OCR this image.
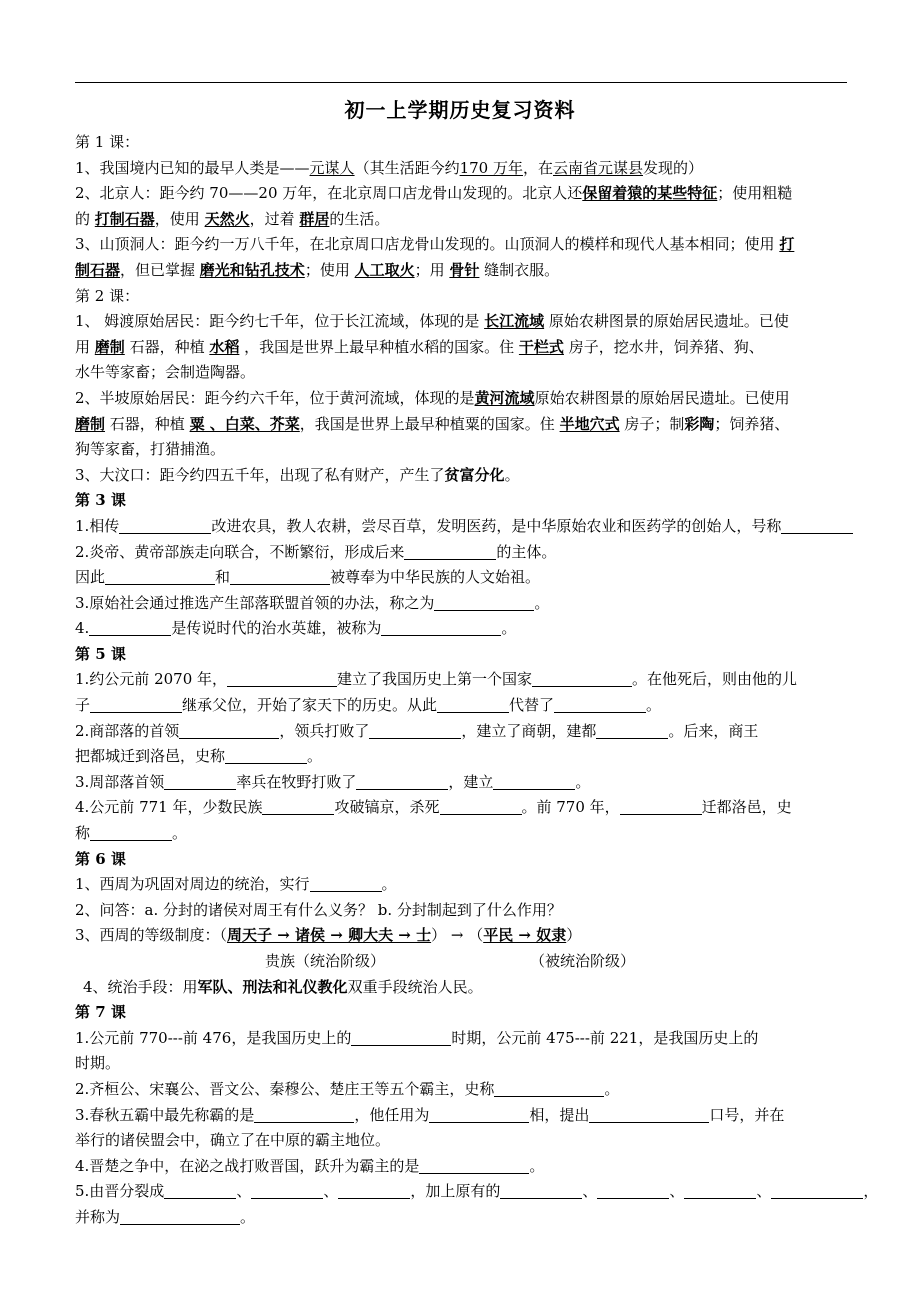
初一上学期历史复习资料
第 1 课：
1、我国境内已知的最早人类是——元谋人（其生活距今约170 万年，在云南省元谋县发现的）
2、北京人：距今约 70——20 万年，在北京周口店龙骨山发现的。北京人还保留着猿的某些特征；使用粗糙
的 打制石器，使用 天然火，过着 群居的生活。
3、山顶洞人：距今约一万八千年，在北京周口店龙骨山发现的。山顶洞人的模样和现代人基本相同；使用 打
制石器，但已掌握 磨光和钻孔技术；使用 人工取火；用 骨针 缝制衣服。
第 2 课：
1、 姆渡原始居民：距今约七千年，位于长江流域，体现的是 长江流域 原始农耕图景的原始居民遗址。已使
用 磨制 石器，种植 水稻 ，我国是世界上最早种植水稻的国家。住 干栏式 房子，挖水井，饲养猪、狗、
水牛等家畜；会制造陶器。
2、半坡原始居民：距今约六千年，位于黄河流域，体现的是黄河流域原始农耕图景的原始居民遗址。已使用
磨制 石器，种植 粟 、白菜、芥菜，我国是世界上最早种植粟的国家。住 半地穴式 房子；制彩陶；饲养猪、
狗等家畜，打猎捕渔。
3、大汶口：距今约四五千年，出现了私有财产，产生了贫富分化。
第 3 课
1.相传	改进农具，教人农耕，尝尽百草，发明医药，是中华原始农业和医药学的创始人，号称
2.炎帝、黄帝部族走向联合，不断繁衍，形成后来	的主体。
因此	和	被尊奉为中华民族的人文始祖。
3.原始社会通过推选产生部落联盟首领的办法，称之为	。
4.	是传说时代的治水英雄，被称为	。
第 5 课
1.约公元前 2070 年，	建立了我国历史上第一个国家	。在他死后，则由他的儿
子	继承父位，开始了家天下的历史。从此	代替了	。
2.商部落的首领	，领兵打败了	，建立了商朝，建都	。后来，商王
把都城迁到洛邑，史称	。
3.周部落首领	率兵在牧野打败了	，建立	。
4.公元前 771 年，少数民族	攻破镐京，杀死	。前 770 年，	迁都洛邑，史
称	。
第 6 课
1、西周为巩固对周边的统治，实行	。
2、问答：a. 分封的诸侯对周王有什么义务？ b. 分封制起到了什么作用？
3、西周的等级制度：（周天子 → 诸侯 → 卿大夫 → 士） → （平民 → 奴隶）
贵族（统治阶级）	（被统治阶级）
4、统治手段：用军队、刑法和礼仪教化双重手段统治人民。
第 7 课
1.公元前 770---前 476，是我国历史上的	时期，公元前 475---前 221，是我国历史上的
时期。
2.齐桓公、宋襄公、晋文公、秦穆公、楚庄王等五个霸主，史称	。
3.春秋五霸中最先称霸的是	，他任用为	相，提出	口号，并在
举行的诸侯盟会中，确立了在中原的霸主地位。
4.晋楚之争中，在泌之战打败晋国，跃升为霸主的是	。
5.由晋分裂成	、	、	，加上原有的	、	、	、	，
并称为	。
